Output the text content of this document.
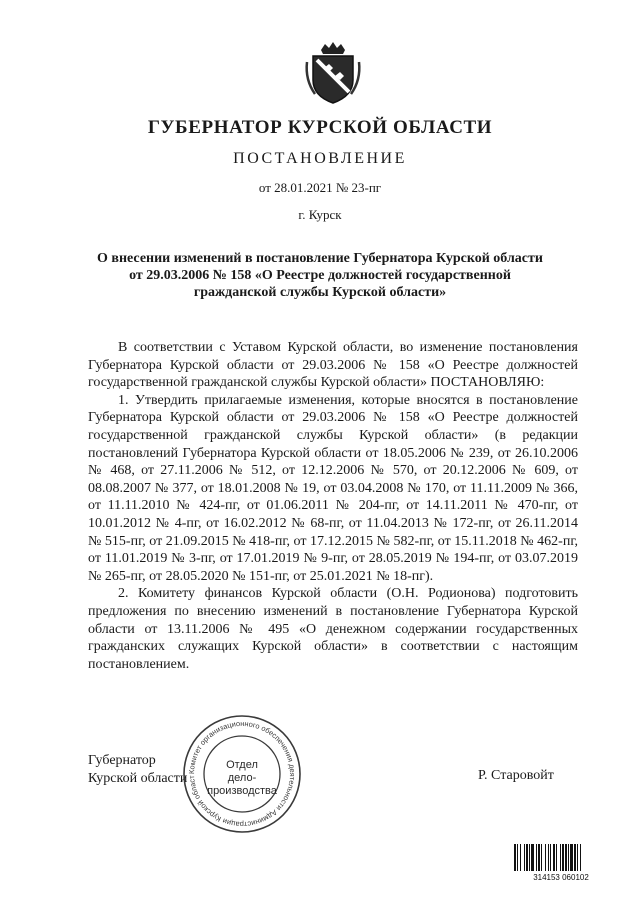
ГУБЕРНАТОР КУРСКОЙ ОБЛАСТИ
ПОСТАНОВЛЕНИЕ
от 28.01.2021 № 23-пг
г. Курск
О внесении изменений в постановление Губернатора Курской области
от 29.03.2006 № 158 «О Реестре должностей государственной
гражданской службы Курской области»

В соответствии с Уставом Курской области, во изменение постановления Губернатора Курской области от 29.03.2006 № 158 «О Реестре должностей государственной гражданской службы Курской области» ПОСТАНОВЛЯЮ:

1. Утвердить прилагаемые изменения, которые вносятся в постановление Губернатора Курской области от 29.03.2006 № 158 «О Реестре должностей государственной гражданской службы Курской области» (в редакции постановлений Губернатора Курской области от 18.05.2006 № 239, от 26.10.2006 № 468, от 27.11.2006 № 512, от 12.12.2006 № 570, от 20.12.2006 № 609, от 08.08.2007 № 377, от 18.01.2008 № 19, от 03.04.2008 № 170, от 11.11.2009 № 366, от 11.11.2010 № 424-пг, от 01.06.2011 № 204-пг, от 14.11.2011 № 470-пг, от 10.01.2012 № 4-пг, от 16.02.2012 № 68-пг, от 11.04.2013 № 172-пг, от 26.11.2014 № 515-пг, от 21.09.2015 № 418-пг, от 17.12.2015 № 582-пг, от 15.11.2018 № 462-пг, от 11.01.2019 № 3-пг, от 17.01.2019 № 9-пг, от 28.05.2019 № 194-пг, от 03.07.2019 № 265-пг, от 28.05.2020 № 151-пг, от 25.01.2021 № 18-пг).

2. Комитету финансов Курской области (О.Н. Родионова) подготовить предложения по внесению изменений в постановление Губернатора Курской области от 13.11.2006 № 495 «О денежном содержании государственных гражданских служащих Курской области» в соответствии с настоящим постановлением.

Губернатор
Курской области	Р. Старовойт
Комитет организационного обеспечения деятельности Администрации Курской област
Отдел
дело-
производства
314153 060102
